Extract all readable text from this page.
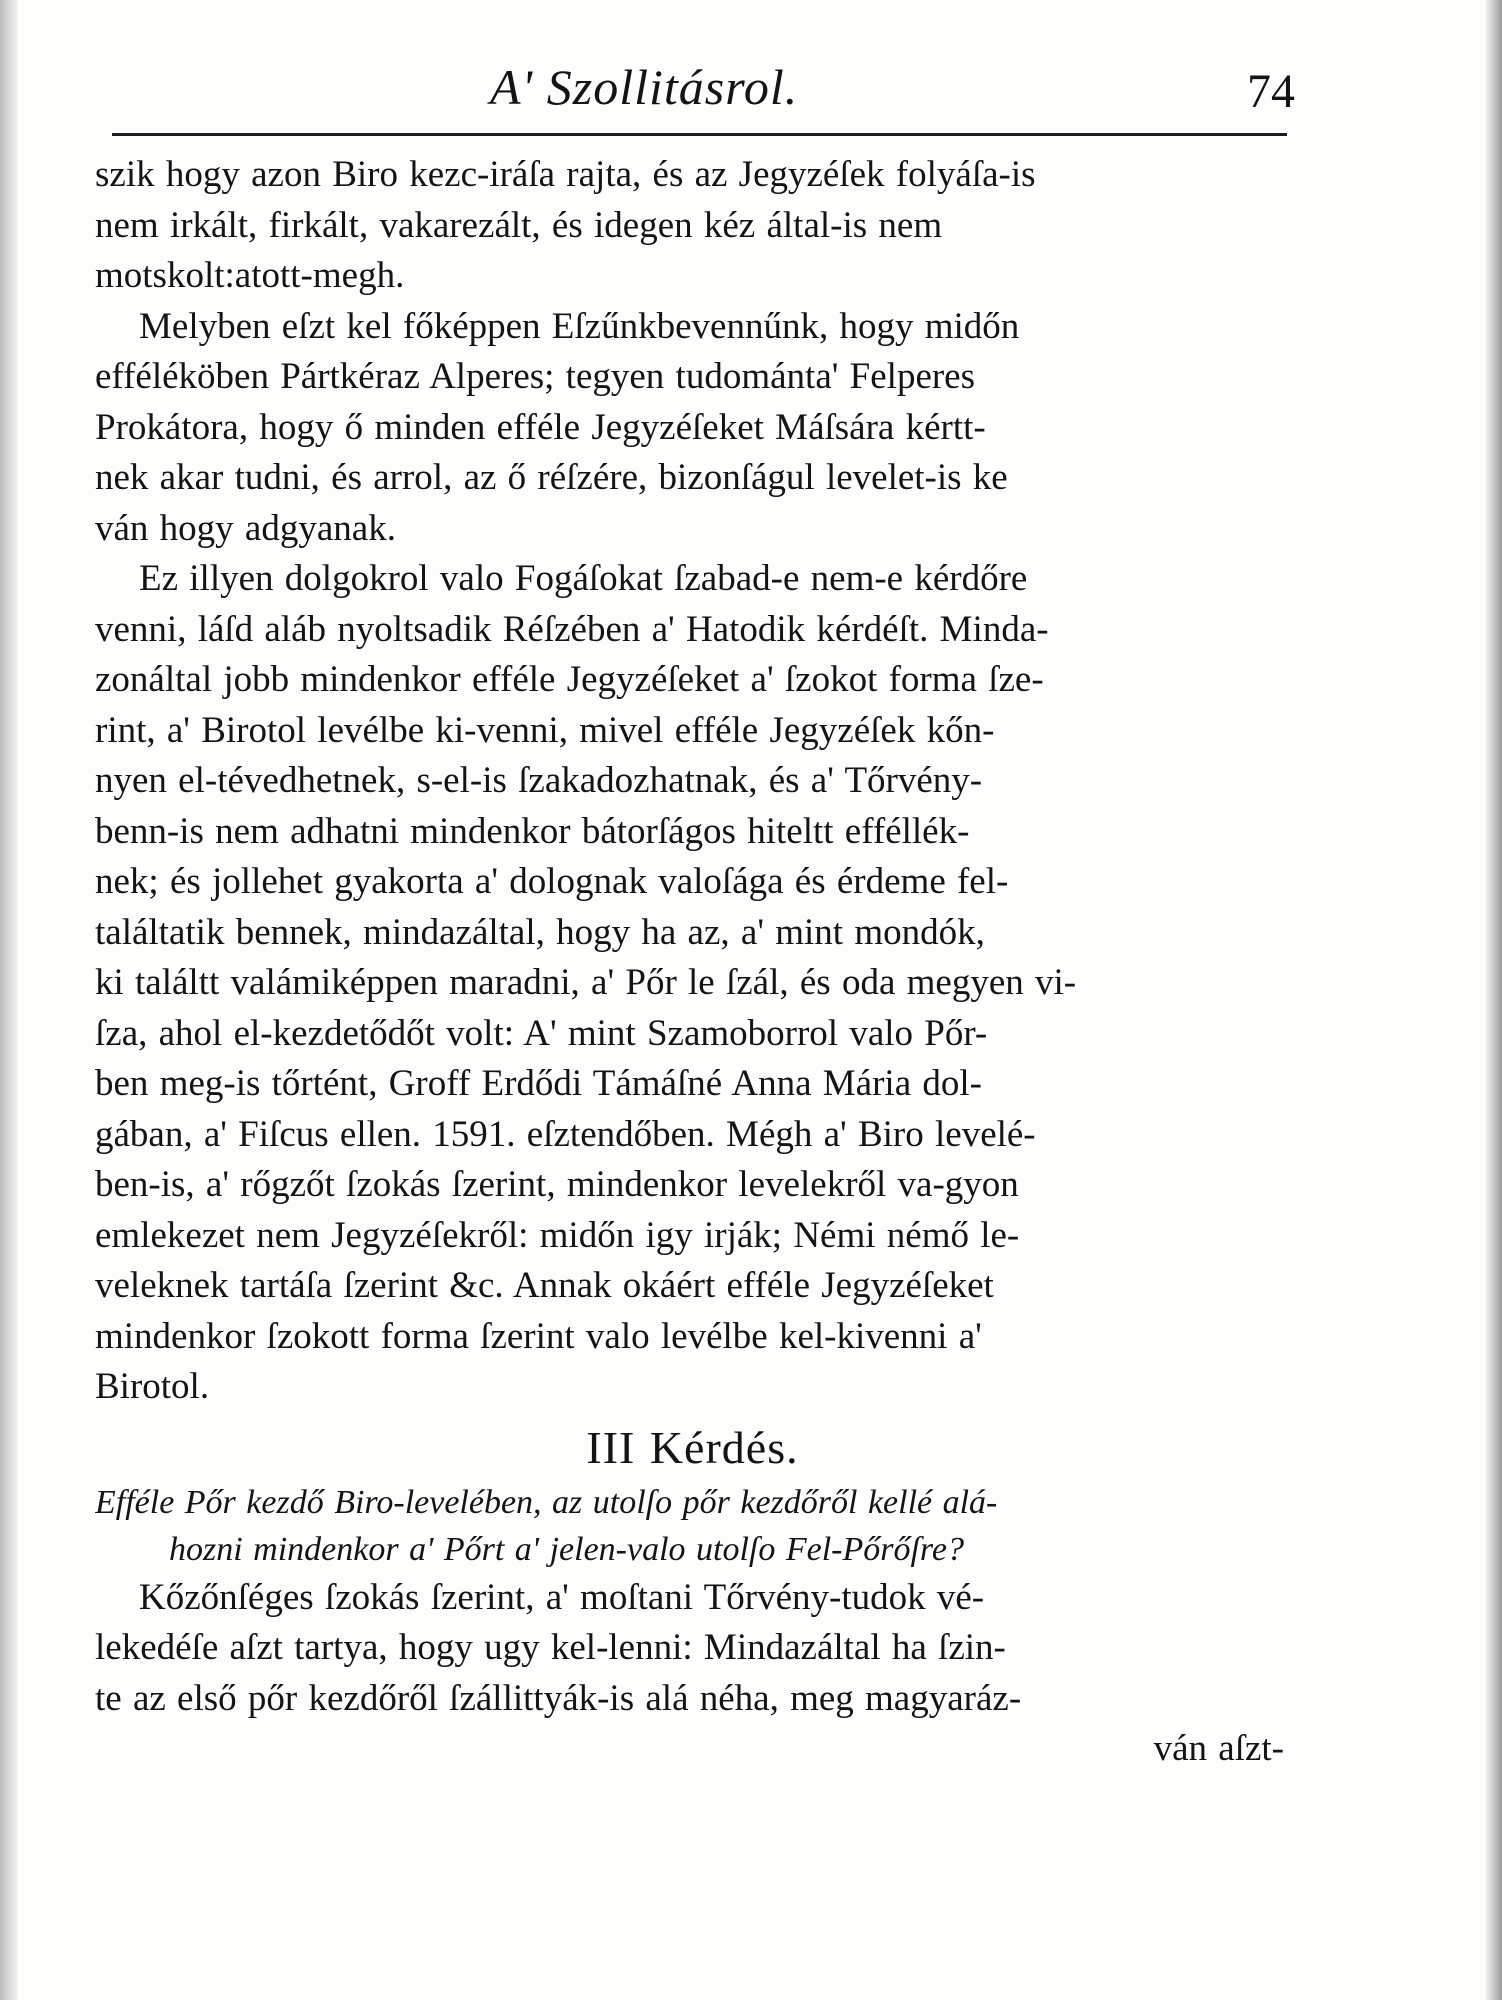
A' Szollitásrol.	74

szik hogy azon Biro kezc-iráſa rajta, és az Jegyzéſek folyáſa-is
nem irkált, firkált, vakarezált, és idegen kéz által-is nem
motskolt:atott-megh.

Melyben eſzt kel főképpen Eſzűnkbevennűnk, hogy midőn
efféléköben Pártkéraz Alperes; tegyen tudománta' Felperes
Prokátora, hogy ő minden efféle Jegyzéſeket Máſsára kértt-
nek akar tudni, és arrol, az ő réſzére, bizonſágul levelet-is ke
ván hogy adgyanak.

Ez illyen dolgokrol valo Fogáſokat ſzabad-e nem-e kérdőre
venni, láſd aláb nyoltsadik Réſzében a' Hatodik kérdéſt. Minda-
zonáltal jobb mindenkor efféle Jegyzéſeket a' ſzokot forma ſze-
rint, a' Birotol levélbe ki-venni, mivel efféle Jegyzéſek kőn-
nyen el-tévedhetnek, s-el-is ſzakadozhatnak, és a' Tőrvény-
benn-is nem adhatni mindenkor bátorſágos hiteltt efféllék-
nek; és jollehet gyakorta a' dolognak valoſága és érdeme fel-
találtatik bennek, mindazáltal, hogy ha az, a' mint mondók,
ki találtt valámiképpen maradni, a' Pőr le ſzál, és oda megyen vi-
ſza, ahol el-kezdetődőt volt: A' mint Szamoborrol valo Pőr-
ben meg-is tőrtént, Groff Erdődi Támáſné Anna Mária dol-
gában, a' Fiſcus ellen. 1591. eſztendőben. Mégh a' Biro levelé-
ben-is, a' rőgzőt ſzokás ſzerint, mindenkor levelekről va-gyon
emlekezet nem Jegyzéſekről: midőn igy irják; Némi némő le-
veleknek tartáſa ſzerint &c. Annak okáért efféle Jegyzéſeket
mindenkor ſzokott forma ſzerint valo levélbe kel-kivenni a'
Birotol.

III Kérdés.

Efféle Pőr kezdő Biro-levelében, az utolſo pőr kezdőről kellé alá-
hozni mindenkor a' Pőrt a' jelen-valo utolſo Fel-Pőrőſre?

Kőzőnſéges ſzokás ſzerint, a' moſtani Tőrvény-tudok vé-
lekedéſe aſzt tartya, hogy ugy kel-lenni: Mindazáltal ha ſzin-
te az első pőr kezdőről ſzállittyák-is alá néha, meg magyaráz-

ván aſzt-
